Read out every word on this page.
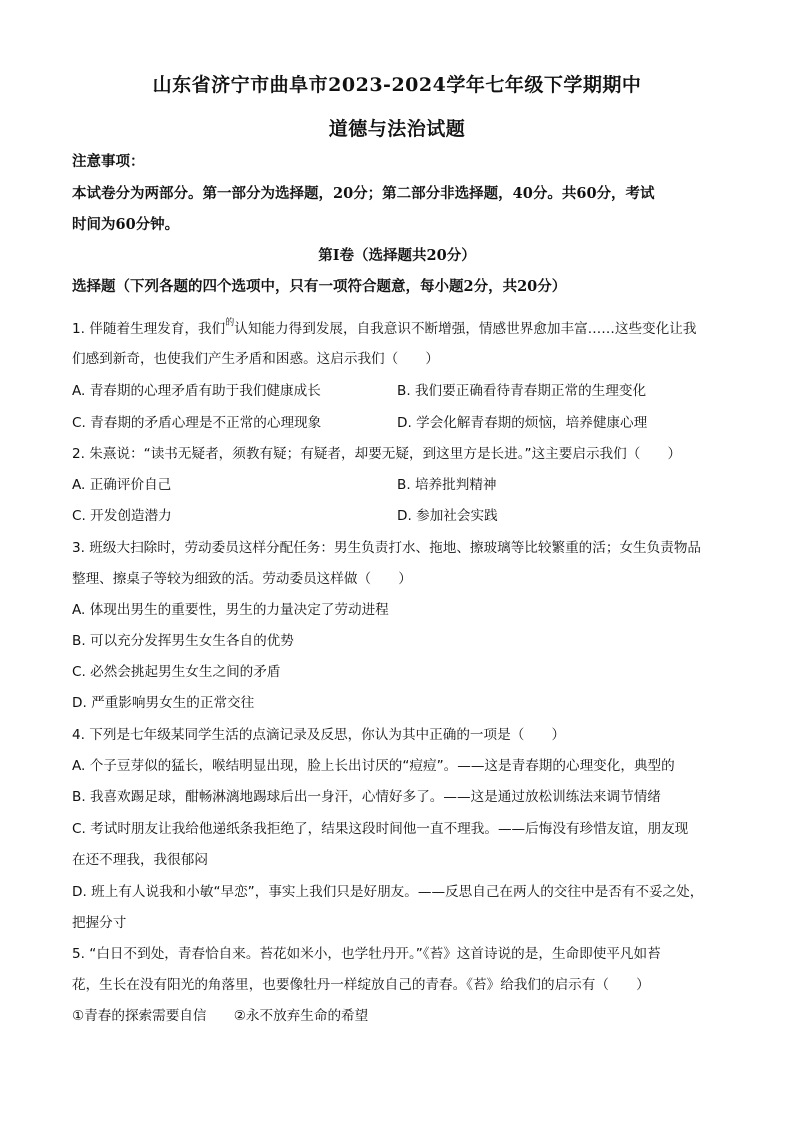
山东省济宁市曲阜市2023-2024学年七年级下学期期中
道德与法治试题
注意事项：
本试卷分为两部分。第一部分为选择题，20分；第二部分非选择题，40分。共60分，考试
时间为60分钟。
第Ⅰ卷（选择题共20分）
选择题（下列各题的四个选项中，只有一项符合题意，每小题2分，共20分）
1. 伴随着生理发育，我们$^的$认知能力得到发展，自我意识不断增强，情感世界愈加丰富……这些变化让我
们感到新奇，也使我们产生矛盾和困惑。这启示我们（　　）
A. 青春期的心理矛盾有助于我们健康成长	B. 我们要正确看待青春期正常的生理变化
C. 青春期的矛盾心理是不正常的心理现象	D. 学会化解青春期的烦恼，培养健康心理
2. 朱熹说：“读书无疑者，须教有疑；有疑者，却要无疑，到这里方是长进。”这主要启示我们（　　）
A. 正确评价自己	B. 培养批判精神
C. 开发创造潜力	D. 参加社会实践
3. 班级大扫除时，劳动委员这样分配任务：男生负责打水、拖地、擦玻璃等比较繁重的活；女生负责物品
整理、擦桌子等较为细致的活。劳动委员这样做（　　）
A. 体现出男生的重要性，男生的力量决定了劳动进程
B. 可以充分发挥男生女生各自的优势
C. 必然会挑起男生女生之间的矛盾
D. 严重影响男女生的正常交往
4. 下列是七年级某同学生活的点滴记录及反思，你认为其中正确的一项是（　　）
A. 个子豆芽似的猛长，喉结明显出现，脸上长出讨厌的“痘痘”。——这是青春期的心理变化，典型的
B. 我喜欢踢足球，酣畅淋漓地踢球后出一身汗，心情好多了。——这是通过放松训练法来调节情绪
C. 考试时朋友让我给他递纸条我拒绝了，结果这段时间他一直不理我。——后悔没有珍惜友谊，朋友现
在还不理我，我很郁闷
D. 班上有人说我和小敏“早恋”，事实上我们只是好朋友。——反思自己在两人的交往中是否有不妥之处，
把握分寸
5. “白日不到处，青春恰自来。苔花如米小，也学牡丹开。”《苔》这首诗说的是，生命即使平凡如苔
花，生长在没有阳光的角落里，也要像牡丹一样绽放自己的青春。《苔》给我们的启示有（　　）
①青春的探索需要自信　　②永不放弃生命的希望
